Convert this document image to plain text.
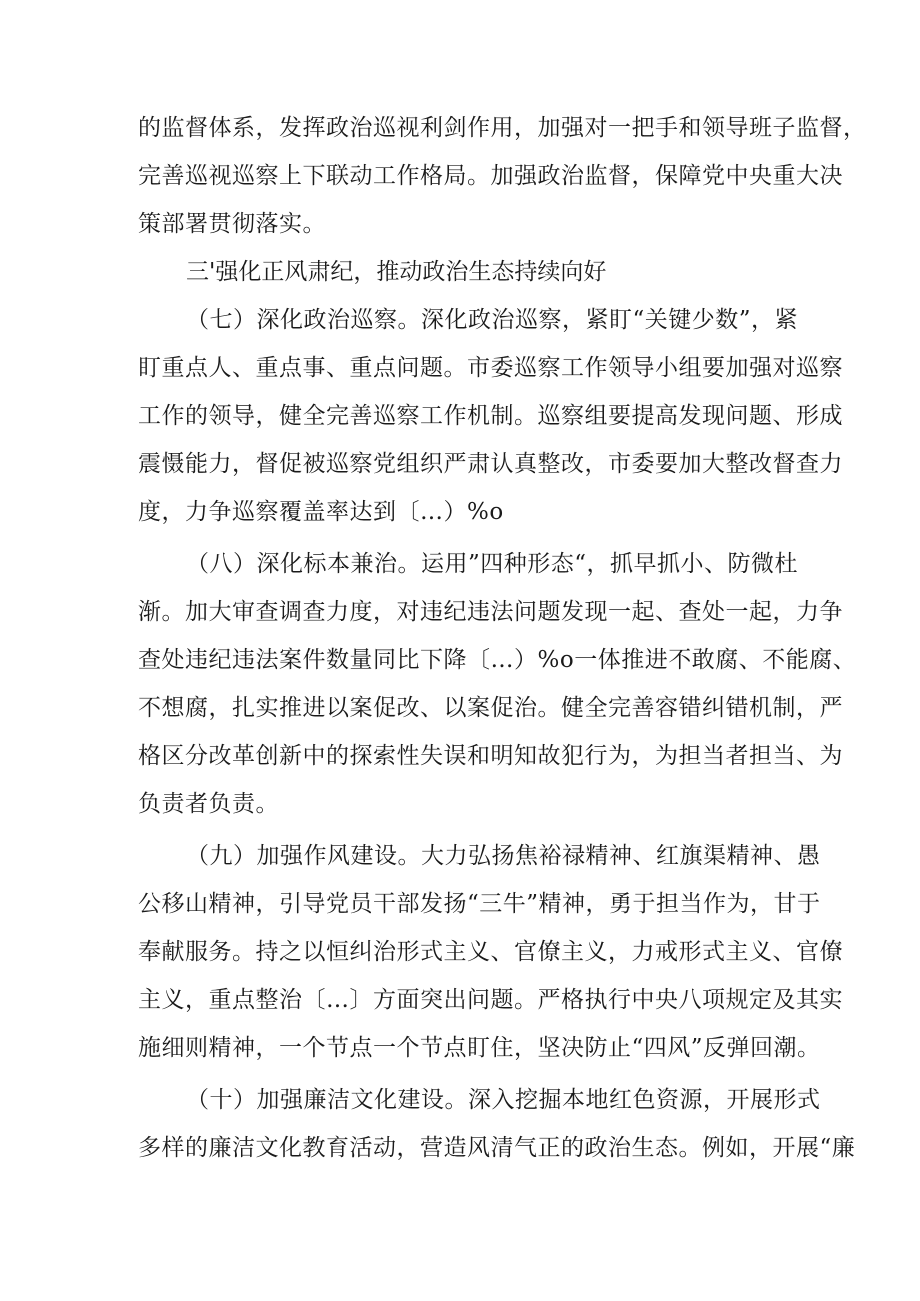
的监督体系，发挥政治巡视利剑作用，加强对一把手和领导班子监督，
完善巡视巡察上下联动工作格局。加强政治监督，保障党中央重大决
策部署贯彻落实。
三'强化正风肃纪，推动政治生态持续向好
（七）深化政治巡察。深化政治巡察，紧盯“关键少数”，紧
盯重点人、重点事、重点问题。市委巡察工作领导小组要加强对巡察
工作的领导，健全完善巡察工作机制。巡察组要提高发现问题、形成
震慑能力，督促被巡察党组织严肃认真整改，市委要加大整改督查力
度，力争巡察覆盖率达到〔…）%o
（八）深化标本兼治。运用”四种形态“，抓早抓小、防微杜
渐。加大审查调查力度，对违纪违法问题发现一起、查处一起，力争
查处违纪违法案件数量同比下降〔…）%o一体推进不敢腐、不能腐、
不想腐，扎实推进以案促改、以案促治。健全完善容错纠错机制，严
格区分改革创新中的探索性失误和明知故犯行为，为担当者担当、为
负责者负责。
（九）加强作风建设。大力弘扬焦裕禄精神、红旗渠精神、愚
公移山精神，引导党员干部发扬“三牛”精神，勇于担当作为，甘于
奉献服务。持之以恒纠治形式主义、官僚主义，力戒形式主义、官僚
主义，重点整治〔…〕方面突出问题。严格执行中央八项规定及其实
施细则精神，一个节点一个节点盯住，坚决防止“四风”反弹回潮。
（十）加强廉洁文化建设。深入挖掘本地红色资源，开展形式
多样的廉洁文化教育活动，营造风清气正的政治生态。例如，开展“廉
